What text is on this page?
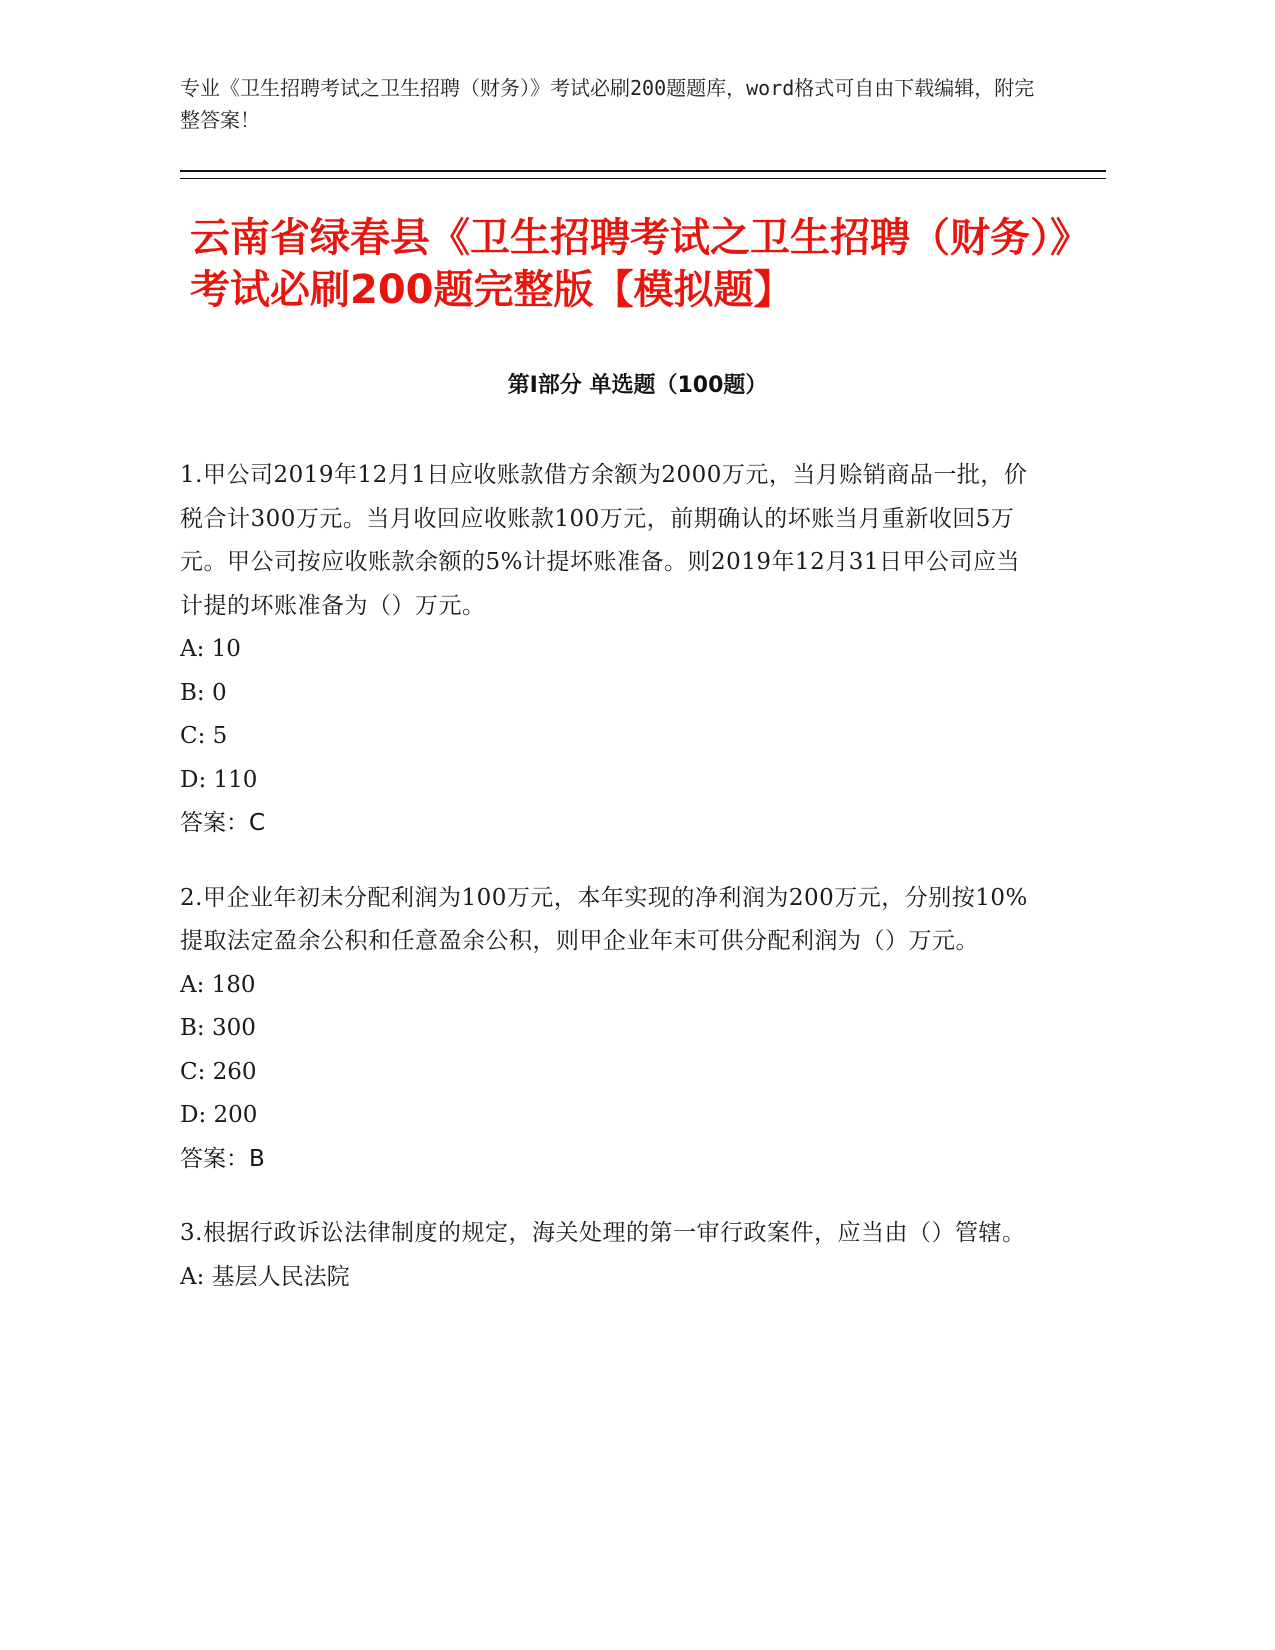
专业《卫生招聘考试之卫生招聘（财务）》考试必刷200题题库，word格式可自由下载编辑，附完整答案！
云南省绿春县《卫生招聘考试之卫生招聘（财务）》考试必刷200题完整版【模拟题】
第I部分 单选题（100题）

1.甲公司2019年12月1日应收账款借方余额为2000万元，当月赊销商品一批，价税合计300万元。当月收回应收账款100万元，前期确认的坏账当月重新收回5万元。甲公司按应收账款余额的5%计提坏账准备。则2019年12月31日甲公司应当计提的坏账准备为（）万元。

A: 10

B: 0

C: 5

D: 110

答案：C

2.甲企业年初未分配利润为100万元，本年实现的净利润为200万元，分别按10%提取法定盈余公积和任意盈余公积，则甲企业年末可供分配利润为（）万元。

A: 180

B: 300

C: 260

D: 200

答案：B

3.根据行政诉讼法律制度的规定，海关处理的第一审行政案件，应当由（）管辖。

A: 基层人民法院
